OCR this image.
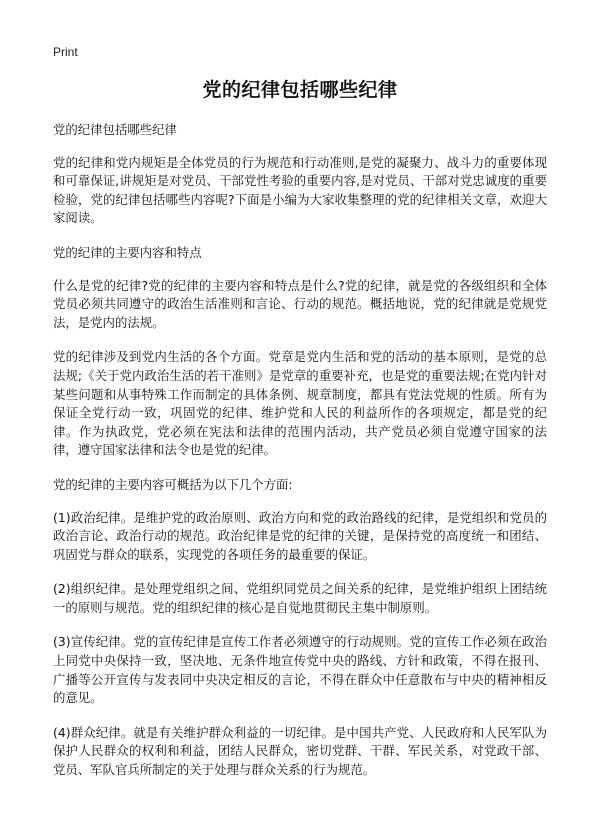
Print
党的纪律包括哪些纪律

党的纪律包括哪些纪律

党的纪律和党内规矩是全体党员的行为规范和行动准则,是党的凝聚力、战斗力的重要体现和可靠保证,讲规矩是对党员、干部党性考验的重要内容,是对党员、干部对党忠诚度的重要检验，党的纪律包括哪些内容呢?下面是小编为大家收集整理的党的纪律相关文章，欢迎大家阅读。

党的纪律的主要内容和特点

什么是党的纪律?党的纪律的主要内容和特点是什么?党的纪律，就是党的各级组织和全体党员必须共同遵守的政治生活准则和言论、行动的规范。概括地说，党的纪律就是党规党法，是党内的法规。

党的纪律涉及到党内生活的各个方面。党章是党内生活和党的活动的基本原则，是党的总法规;《关于党内政治生活的若干准则》是党章的重要补充，也是党的重要法规;在党内针对某些问题和从事特殊工作而制定的具体条例、规章制度，都具有党法党规的性质。所有为保证全党行动一致，巩固党的纪律、维护党和人民的利益所作的各项规定，都是党的纪律。作为执政党，党必须在宪法和法律的范围内活动，共产党员必须自觉遵守国家的法律，遵守国家法律和法令也是党的纪律。

党的纪律的主要内容可概括为以下几个方面:

(1)政治纪律。是维护党的政治原则、政治方向和党的政治路线的纪律，是党组织和党员的政治言论、政治行动的规范。政治纪律是党的纪律的关键，是保持党的高度统一和团结、巩固党与群众的联系，实现党的各项任务的最重要的保证。

(2)组织纪律。是处理党组织之间、党组织同党员之间关系的纪律，是党维护组织上团结统一的原则与规范。党的组织纪律的核心是自觉地贯彻民主集中制原则。

(3)宣传纪律。党的宣传纪律是宣传工作者必须遵守的行动规则。党的宣传工作必须在政治上同党中央保持一致，坚决地、无条件地宣传党中央的路线、方针和政策，不得在报刊、广播等公开宣传与发表同中央决定相反的言论，不得在群众中任意散布与中央的精神相反的意见。

(4)群众纪律。就是有关维护群众利益的一切纪律。是中国共产党、人民政府和人民军队为保护人民群众的权利和利益，团结人民群众，密切党群、干群、军民关系，对党政干部、党员、军队官兵所制定的关于处理与群众关系的行为规范。
